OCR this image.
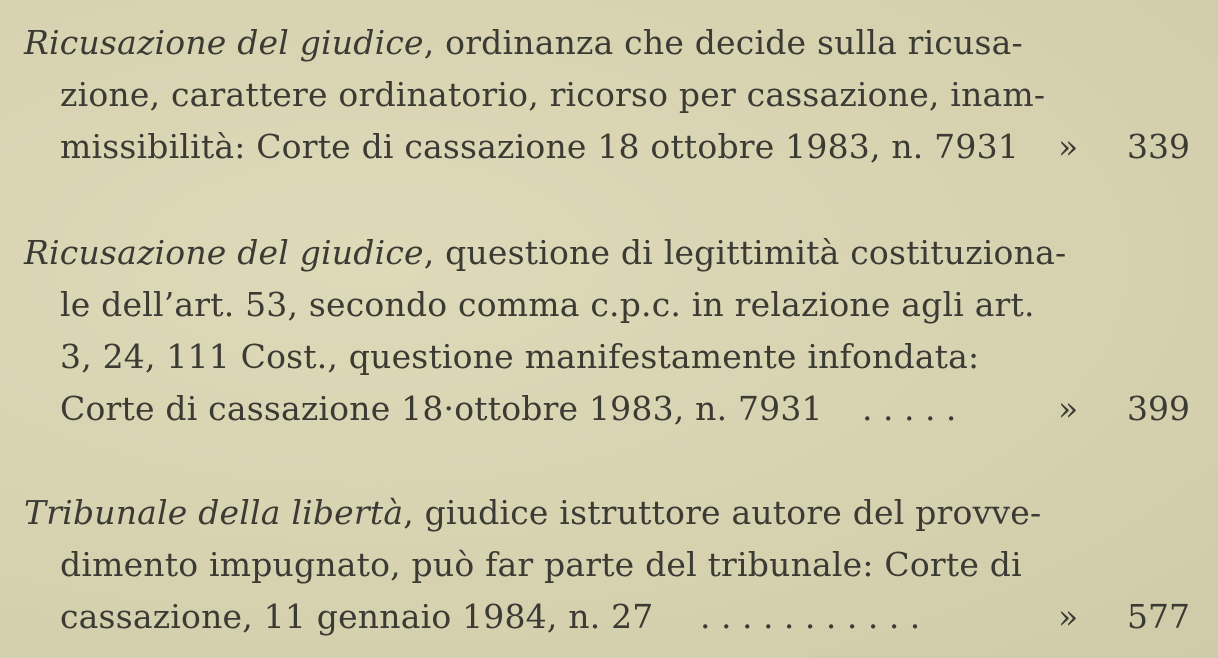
Ricusazione del giudice, ordinanza che decide sulla ricusa-
zione, carattere ordinatorio, ricorso per cassazione, inam-
missibilità: Corte di cassazione 18 ottobre 1983, n. 7931 » 339
Ricusazione del giudice, questione di legittimità costituziona-
le dell’art. 53, secondo comma c.p.c. in relazione agli art.
3, 24, 111 Cost., questione manifestamente infondata:
Corte di cassazione 18·ottobre 1983, n. 7931 . . . . .	» 399
Tribunale della libertà, giudice istruttore autore del provve-
dimento impugnato, può far parte del tribunale: Corte di
cassazione, 11 gennaio 1984, n. 27 . . . . . . . . . . .	» 577
